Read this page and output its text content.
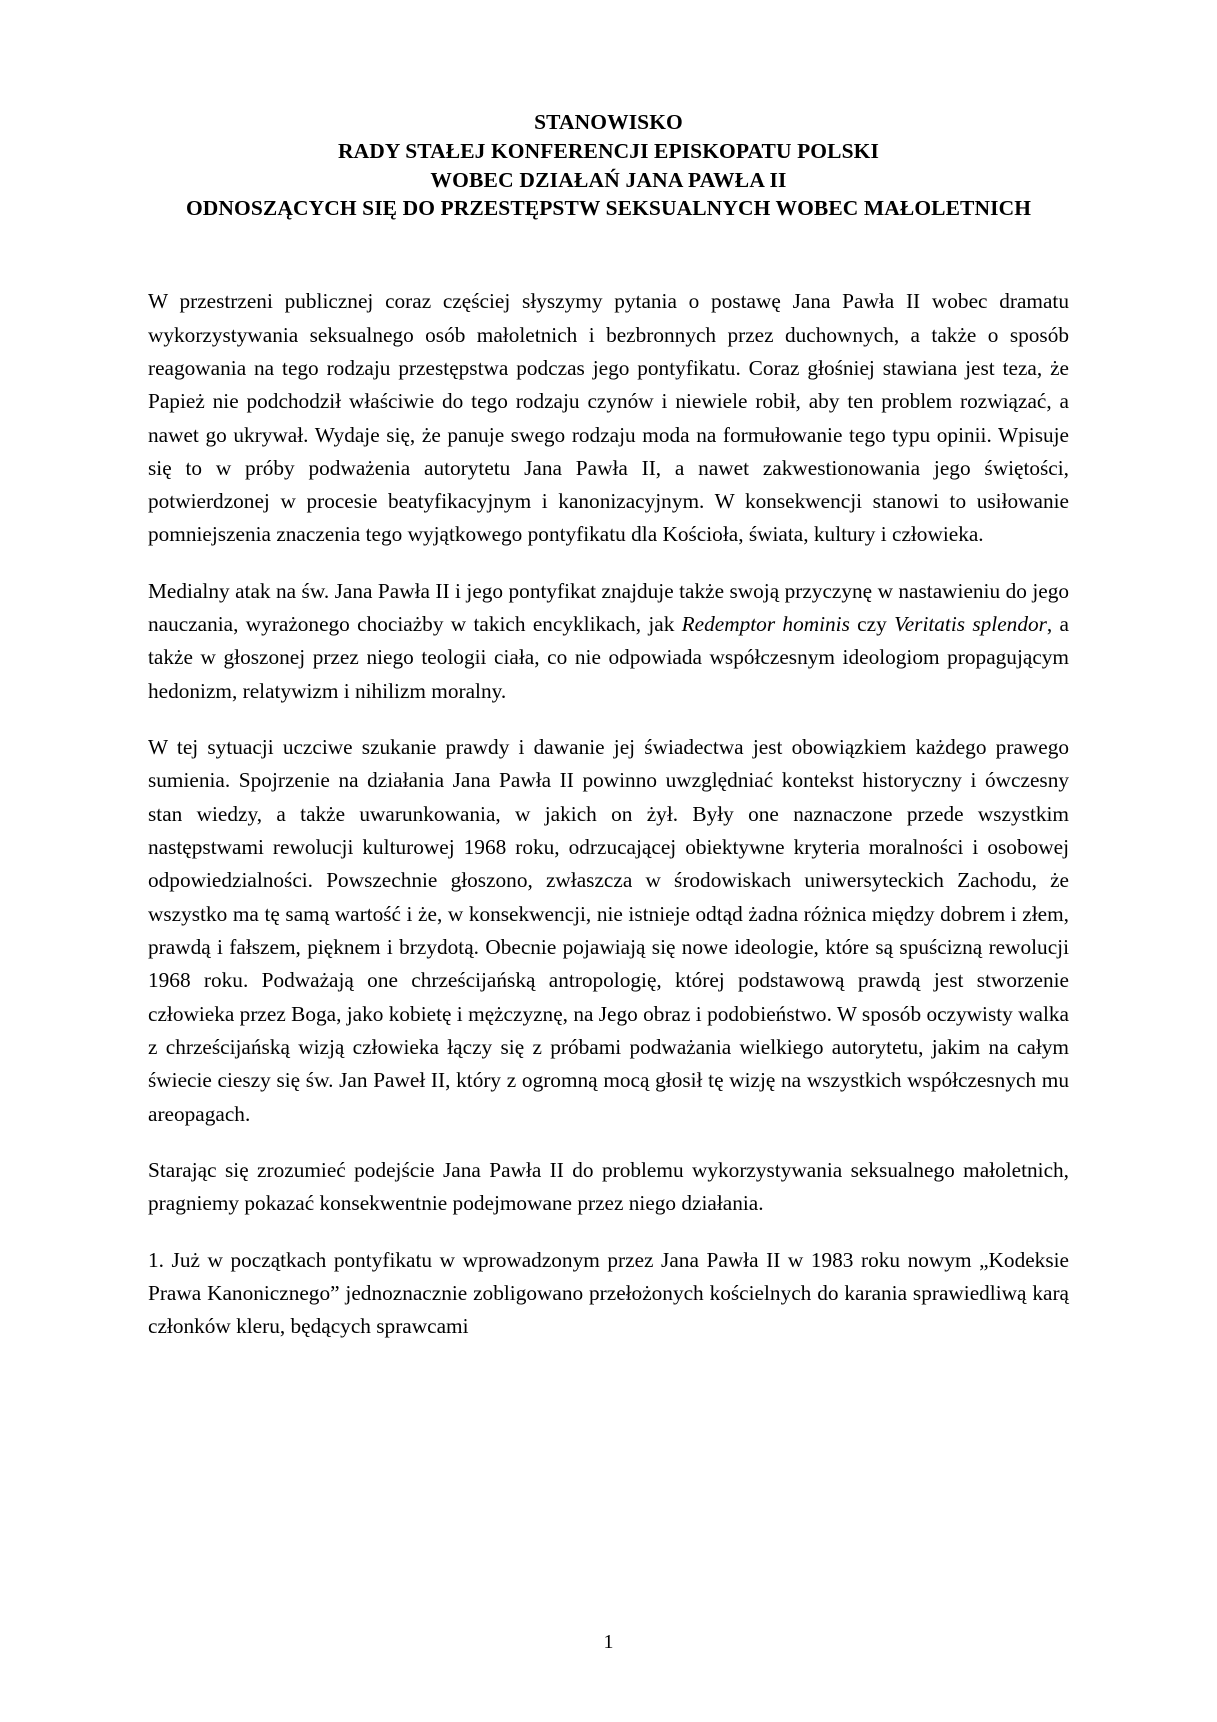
STANOWISKO
RADY STAŁEJ KONFERENCJI EPISKOPATU POLSKI
WOBEC DZIAŁAŃ JANA PAWŁA II
ODNOSZĄCYCH SIĘ DO PRZESTĘPSTW SEKSUALNYCH WOBEC MAŁOLETNICH

W przestrzeni publicznej coraz częściej słyszymy pytania o postawę Jana Pawła II wobec dramatu wykorzystywania seksualnego osób małoletnich i bezbronnych przez duchownych, a także o sposób reagowania na tego rodzaju przestępstwa podczas jego pontyfikatu. Coraz głośniej stawiana jest teza, że Papież nie podchodził właściwie do tego rodzaju czynów i niewiele robił, aby ten problem rozwiązać, a nawet go ukrywał. Wydaje się, że panuje swego rodzaju moda na formułowanie tego typu opinii. Wpisuje się to w próby podważenia autorytetu Jana Pawła II, a nawet zakwestionowania jego świętości, potwierdzonej w procesie beatyfikacyjnym i kanonizacyjnym. W konsekwencji stanowi to usiłowanie pomniejszenia znaczenia tego wyjątkowego pontyfikatu dla Kościoła, świata, kultury i człowieka.

Medialny atak na św. Jana Pawła II i jego pontyfikat znajduje także swoją przyczynę w nastawieniu do jego nauczania, wyrażonego chociażby w takich encyklikach, jak Redemptor hominis czy Veritatis splendor, a także w głoszonej przez niego teologii ciała, co nie odpowiada współczesnym ideologiom propagującym hedonizm, relatywizm i nihilizm moralny.

W tej sytuacji uczciwe szukanie prawdy i dawanie jej świadectwa jest obowiązkiem każdego prawego sumienia. Spojrzenie na działania Jana Pawła II powinno uwzględniać kontekst historyczny i ówczesny stan wiedzy, a także uwarunkowania, w jakich on żył. Były one naznaczone przede wszystkim następstwami rewolucji kulturowej 1968 roku, odrzucającej obiektywne kryteria moralności i osobowej odpowiedzialności. Powszechnie głoszono, zwłaszcza w środowiskach uniwersyteckich Zachodu, że wszystko ma tę samą wartość i że, w konsekwencji, nie istnieje odtąd żadna różnica między dobrem i złem, prawdą i fałszem, pięknem i brzydotą. Obecnie pojawiają się nowe ideologie, które są spuścizną rewolucji 1968 roku. Podważają one chrześcijańską antropologię, której podstawową prawdą jest stworzenie człowieka przez Boga, jako kobietę i mężczyznę, na Jego obraz i podobieństwo. W sposób oczywisty walka z chrześcijańską wizją człowieka łączy się z próbami podważania wielkiego autorytetu, jakim na całym świecie cieszy się św. Jan Paweł II, który z ogromną mocą głosił tę wizję na wszystkich współczesnych mu areopagach.

Starając się zrozumieć podejście Jana Pawła II do problemu wykorzystywania seksualnego małoletnich, pragniemy pokazać konsekwentnie podejmowane przez niego działania.

1. Już w początkach pontyfikatu w wprowadzonym przez Jana Pawła II w 1983 roku nowym „Kodeksie Prawa Kanonicznego” jednoznacznie zobligowano przełożonych kościelnych do karania sprawiedliwą karą członków kleru, będących sprawcami

1
